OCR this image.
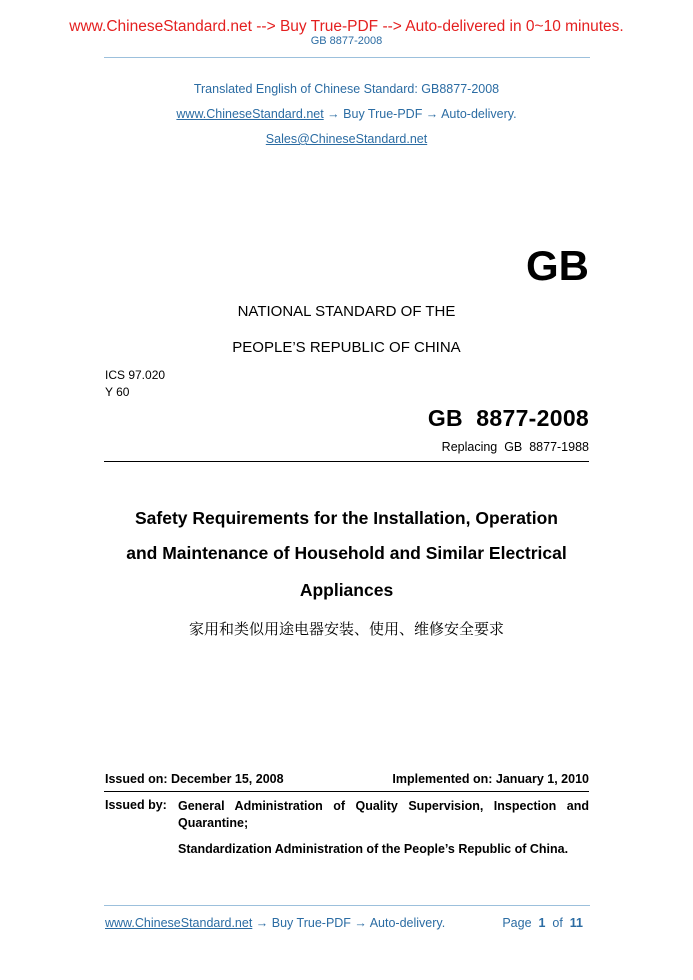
www.ChineseStandard.net --> Buy True-PDF --> Auto-delivered in 0~10 minutes.
GB 8877-2008
Translated English of Chinese Standard: GB8877-2008
www.ChineseStandard.net → Buy True-PDF → Auto-delivery.
Sales@ChineseStandard.net
GB
NATIONAL STANDARD OF THE
PEOPLE’S REPUBLIC OF CHINA
ICS 97.020
Y 60
GB  8877-2008
Replacing  GB  8877-1988
Safety Requirements for the Installation, Operation
and Maintenance of Household and Similar Electrical
Appliances
家用和类似用途电器安装、使用、维修安全要求
Issued on: December 15, 2008	Implemented on: January 1, 2010
Issued by: General Administration of Quality Supervision, Inspection and Quarantine;
Standardization Administration of the People’s Republic of China.
www.ChineseStandard.net → Buy True-PDF → Auto-delivery.	Page 1 of 11
